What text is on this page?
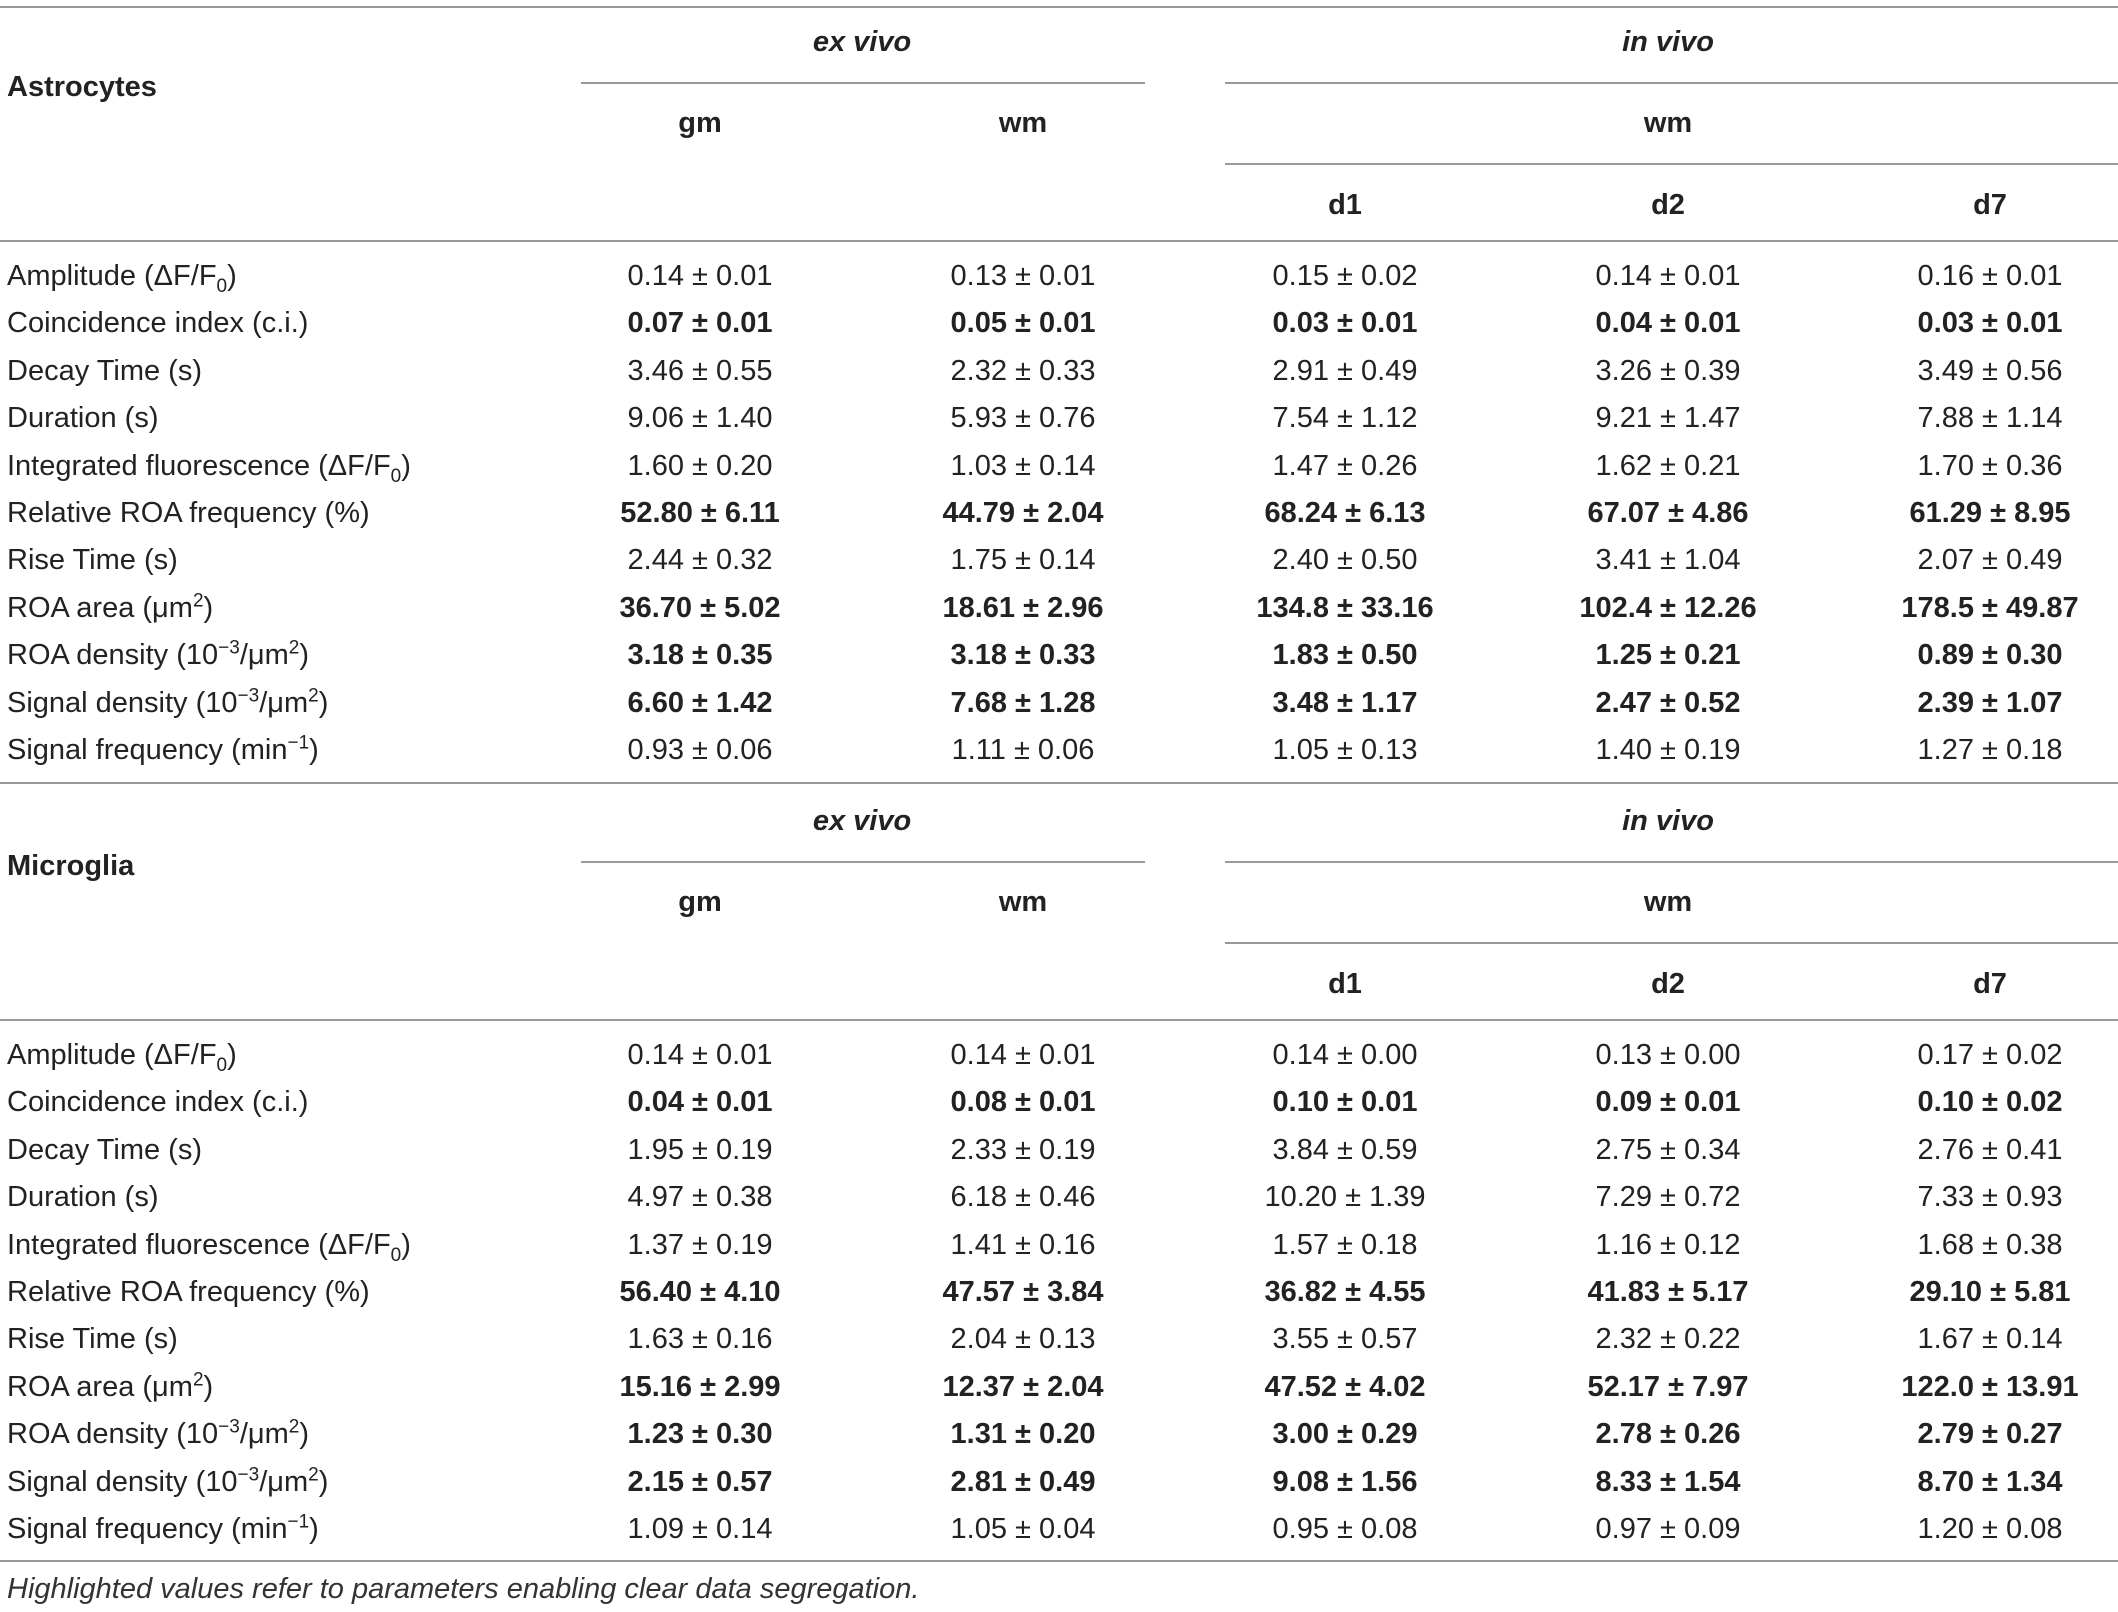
Astrocytes
ex vivo	in vivo
gm	wm	wm
d1	d2	d7
Amplitude $(\Delta F/F_0)$	0.14 ± 0.01	0.13 ± 0.01	0.15 ± 0.02	0.14 ± 0.01	0.16 ± 0.01
Coincidence index (c.i.)	0.07 ± 0.01	0.05 ± 0.01	0.03 ± 0.01	0.04 ± 0.01	0.03 ± 0.01
Decay Time (s)	3.46 ± 0.55	2.32 ± 0.33	2.91 ± 0.49	3.26 ± 0.39	3.49 ± 0.56
Duration (s)	9.06 ± 1.40	5.93 ± 0.76	7.54 ± 1.12	9.21 ± 1.47	7.88 ± 1.14
Integrated fluorescence $(\Delta F/F_0)$	1.60 ± 0.20	1.03 ± 0.14	1.47 ± 0.26	1.62 ± 0.21	1.70 ± 0.36
Relative ROA frequency (%)	52.80 ± 6.11	44.79 ± 2.04	68.24 ± 6.13	67.07 ± 4.86	61.29 ± 8.95
Rise Time (s)	2.44 ± 0.32	1.75 ± 0.14	2.40 ± 0.50	3.41 ± 1.04	2.07 ± 0.49
ROA area $(\mu m^2)$	36.70 ± 5.02	18.61 ± 2.96	134.8 ± 33.16	102.4 ± 12.26	178.5 ± 49.87
ROA density $(10^{-3}/\mu m^2)$	3.18 ± 0.35	3.18 ± 0.33	1.83 ± 0.50	1.25 ± 0.21	0.89 ± 0.30
Signal density $(10^{-3}/\mu m^2)$	6.60 ± 1.42	7.68 ± 1.28	3.48 ± 1.17	2.47 ± 0.52	2.39 ± 1.07
Signal frequency $(\min^{-1})$	0.93 ± 0.06	1.11 ± 0.06	1.05 ± 0.13	1.40 ± 0.19	1.27 ± 0.18
Microglia
ex vivo	in vivo
gm	wm	wm
d1	d2	d7
Amplitude $(\Delta F/F_0)$	0.14 ± 0.01	0.14 ± 0.01	0.14 ± 0.00	0.13 ± 0.00	0.17 ± 0.02
Coincidence index (c.i.)	0.04 ± 0.01	0.08 ± 0.01	0.10 ± 0.01	0.09 ± 0.01	0.10 ± 0.02
Decay Time (s)	1.95 ± 0.19	2.33 ± 0.19	3.84 ± 0.59	2.75 ± 0.34	2.76 ± 0.41
Duration (s)	4.97 ± 0.38	6.18 ± 0.46	10.20 ± 1.39	7.29 ± 0.72	7.33 ± 0.93
Integrated fluorescence $(\Delta F/F_0)$	1.37 ± 0.19	1.41 ± 0.16	1.57 ± 0.18	1.16 ± 0.12	1.68 ± 0.38
Relative ROA frequency (%)	56.40 ± 4.10	47.57 ± 3.84	36.82 ± 4.55	41.83 ± 5.17	29.10 ± 5.81
Rise Time (s)	1.63 ± 0.16	2.04 ± 0.13	3.55 ± 0.57	2.32 ± 0.22	1.67 ± 0.14
ROA area $(\mu m^2)$	15.16 ± 2.99	12.37 ± 2.04	47.52 ± 4.02	52.17 ± 7.97	122.0 ± 13.91
ROA density $(10^{-3}/\mu m^2)$	1.23 ± 0.30	1.31 ± 0.20	3.00 ± 0.29	2.78 ± 0.26	2.79 ± 0.27
Signal density $(10^{-3}/\mu m^2)$	2.15 ± 0.57	2.81 ± 0.49	9.08 ± 1.56	8.33 ± 1.54	8.70 ± 1.34
Signal frequency $(\min^{-1})$	1.09 ± 0.14	1.05 ± 0.04	0.95 ± 0.08	0.97 ± 0.09	1.20 ± 0.08
Highlighted values refer to parameters enabling clear data segregation.
